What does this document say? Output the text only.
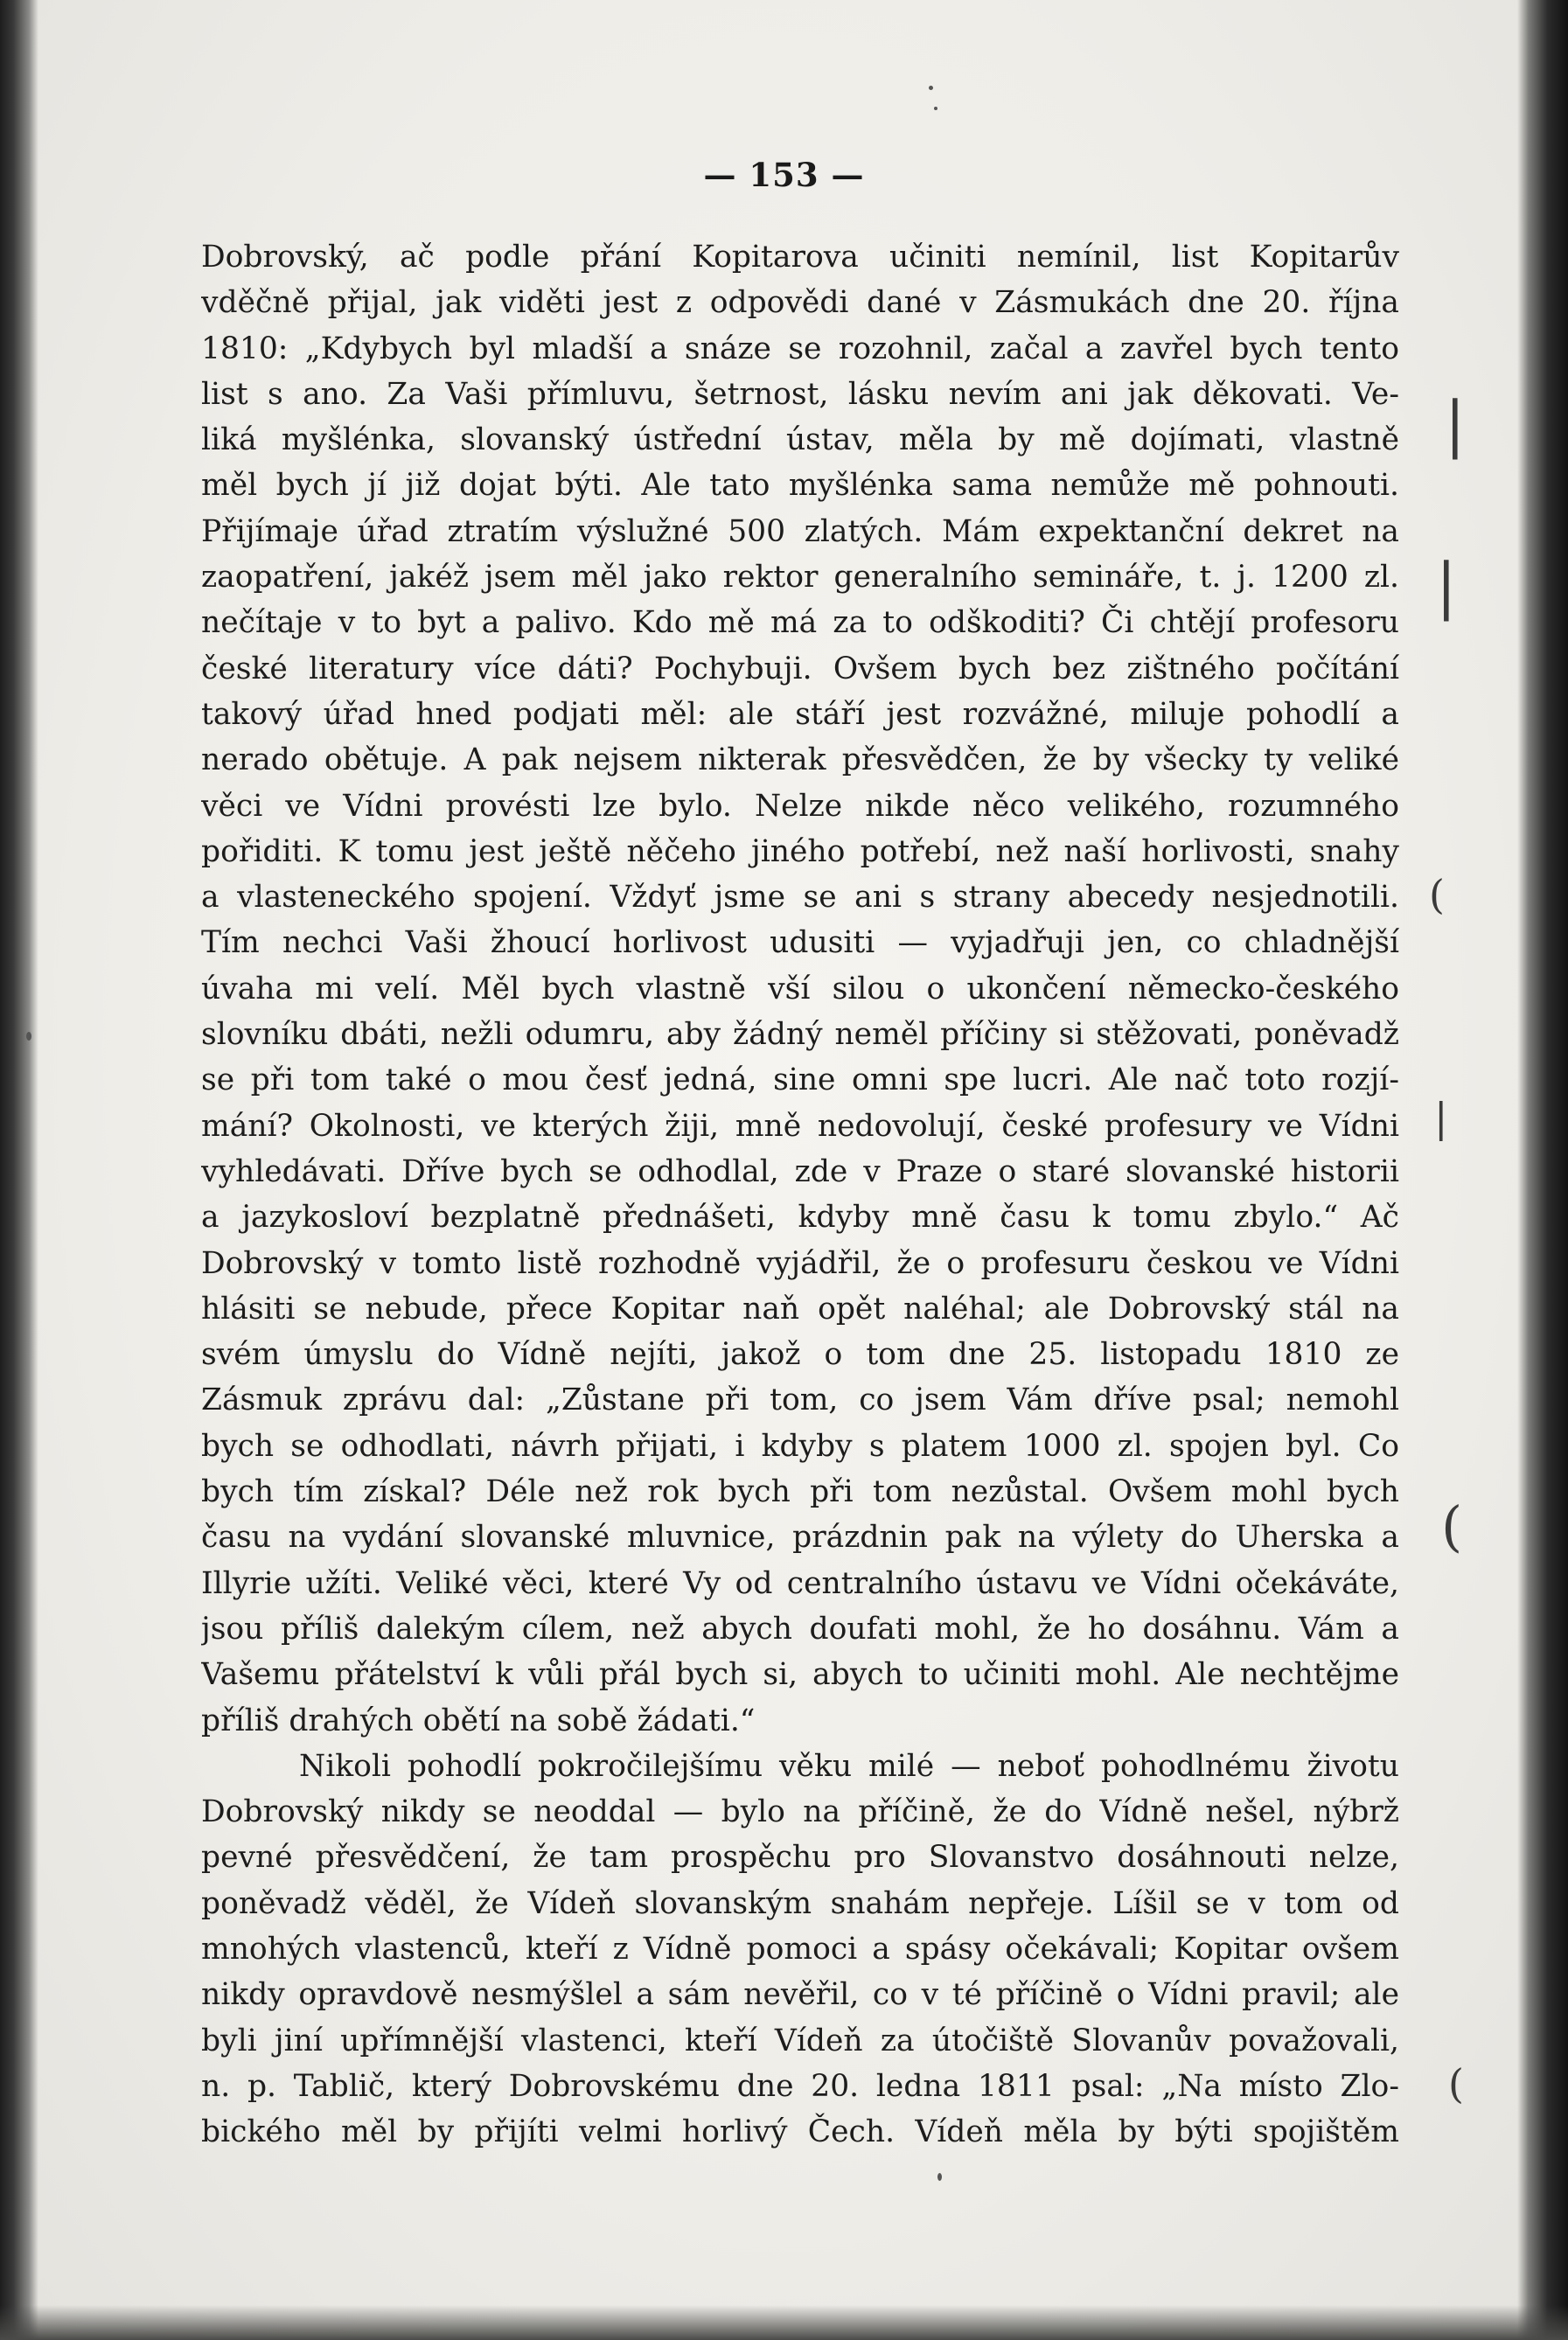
— 153 —
Dobrovský, ač podle přání Kopitarova učiniti nemínil, list Kopitarův
vděčně přijal, jak viděti jest z odpovědi dané v Zásmukách dne 20. října
1810: „Kdybych byl mladší a snáze se rozohnil, začal a zavřel bych tento
list s ano. Za Vaši přímluvu, šetrnost, lásku nevím ani jak děkovati. Ve-
liká myšlénka, slovanský ústřední ústav, měla by mě dojímati, vlastně
měl bych jí již dojat býti. Ale tato myšlénka sama nemůže mě pohnouti.
Přijímaje úřad ztratím výslužné 500 zlatých. Mám expektanční dekret na
zaopatření, jakéž jsem měl jako rektor generalního semináře, t. j. 1200 zl.
nečítaje v to byt a palivo. Kdo mě má za to odškoditi? Či chtějí profesoru
české literatury více dáti? Pochybuji. Ovšem bych bez zištného počítání
takový úřad hned podjati měl: ale stáří jest rozvážné, miluje pohodlí a
nerado obětuje. A pak nejsem nikterak přesvědčen, že by všecky ty veliké
věci ve Vídni provésti lze bylo. Nelze nikde něco velikého, rozumného
pořiditi. K tomu jest ještě něčeho jiného potřebí, než naší horlivosti, snahy
a vlasteneckého spojení. Vždyť jsme se ani s strany abecedy nesjednotili.
Tím nechci Vaši žhoucí horlivost udusiti — vyjadřuji jen, co chladnější
úvaha mi velí. Měl bych vlastně vší silou o ukončení německo-českého
slovníku dbáti, nežli odumru, aby žádný neměl příčiny si stěžovati, poněvadž
se při tom také o mou česť jedná, sine omni spe lucri. Ale nač toto rozjí-
mání? Okolnosti, ve kterých žiji, mně nedovolují, české profesury ve Vídni
vyhledávati. Dříve bych se odhodlal, zde v Praze o staré slovanské historii
a jazykosloví bezplatně přednášeti, kdyby mně času k tomu zbylo.“ Ač
Dobrovský v tomto listě rozhodně vyjádřil, že o profesuru českou ve Vídni
hlásiti se nebude, přece Kopitar naň opět naléhal; ale Dobrovský stál na
svém úmyslu do Vídně nejíti, jakož o tom dne 25. listopadu 1810 ze
Zásmuk zprávu dal: „Zůstane při tom, co jsem Vám dříve psal; nemohl
bych se odhodlati, návrh přijati, i kdyby s platem 1000 zl. spojen byl. Co
bych tím získal? Déle než rok bych při tom nezůstal. Ovšem mohl bych
času na vydání slovanské mluvnice, prázdnin pak na výlety do Uherska a
Illyrie užíti. Veliké věci, které Vy od centralního ústavu ve Vídni očekáváte,
jsou příliš dalekým cílem, než abych doufati mohl, že ho dosáhnu. Vám a
Vašemu přátelství k vůli přál bych si, abych to učiniti mohl. Ale nechtějme
příliš drahých obětí na sobě žádati.“
Nikoli pohodlí pokročilejšímu věku milé — neboť pohodlnému životu
Dobrovský nikdy se neoddal — bylo na příčině, že do Vídně nešel, nýbrž
pevné přesvědčení, že tam prospěchu pro Slovanstvo dosáhnouti nelze,
poněvadž věděl, že Vídeň slovanským snahám nepřeje. Líšil se v tom od
mnohých vlastenců, kteří z Vídně pomoci a spásy očekávali; Kopitar ovšem
nikdy opravdově nesmýšlel a sám nevěřil, co v té příčině o Vídni pravil; ale
byli jiní upřímnější vlastenci, kteří Vídeň za útočiště Slovanův považovali,
n. p. Tablič, který Dobrovskému dne 20. ledna 1811 psal: „Na místo Zlo-
bického měl by přijíti velmi horlivý Čech. Vídeň měla by býti spojištěm
|
|
(
|
(
(
